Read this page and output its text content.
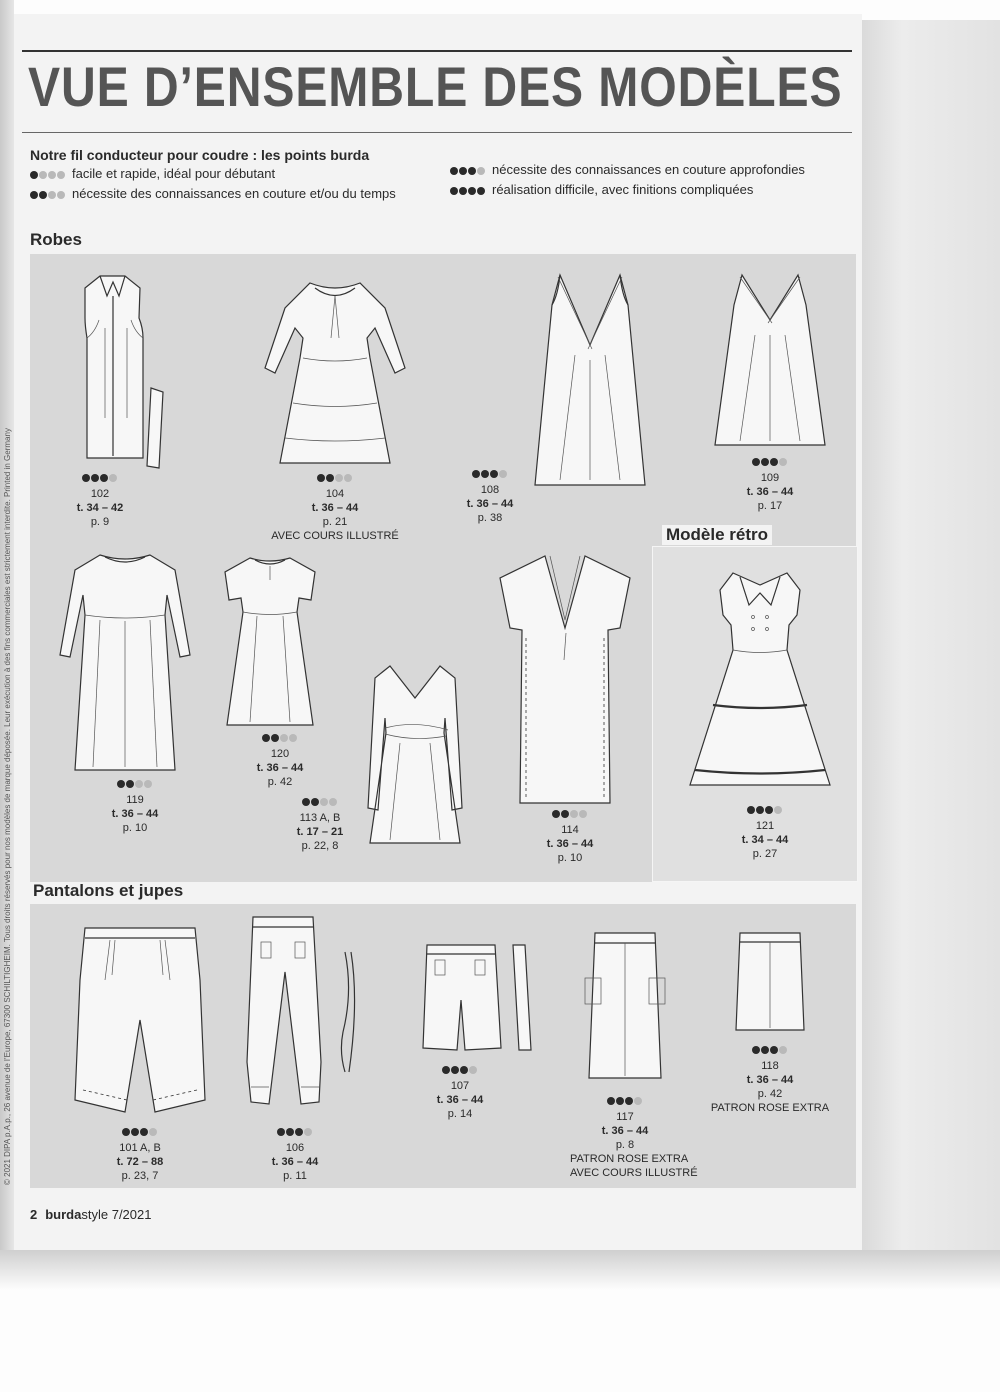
VUE D’ENSEMBLE DES MODÈLES
Notre fil conducteur pour coudre : les points burda
facile et rapide, idéal pour débutant
nécessite des connaissances en couture et/ou du temps
nécessite des connaissances en couture approfondies
réalisation difficile, avec finitions compliquées
© 2021 DIPA p.A.p., 26 avenue de l’Europe, 67300 SCHILTIGHEIM. Tous droits réservés pour nos modèles de marque déposée. Leur exécution à des fins commerciales est strictement interdite. Printed in Germany
Robes
Modèle rétro
102
t. 34 – 42
p. 9
104
t. 36 – 44
p. 21
AVEC COURS ILLUSTRÉ
108
t. 36 – 44
p. 38
109
t. 36 – 44
p. 17
119
t. 36 – 44
p. 10
120
t. 36 – 44
p. 42
113 A, B
t. 17 – 21
p. 22, 8
114
t. 36 – 44
p. 10
121
t. 34 – 44
p. 27
Pantalons et jupes
101 A, B
t. 72 – 88
p. 23, 7
106
t. 36 – 44
p. 11
107
t. 36 – 44
p. 14	117
t. 36 – 44
p. 8
PATRON ROSE EXTRA
AVEC COURS ILLUSTRÉ
118
t. 36 – 44
p. 42
PATRON ROSE EXTRA
2 burdastyle 7/2021
